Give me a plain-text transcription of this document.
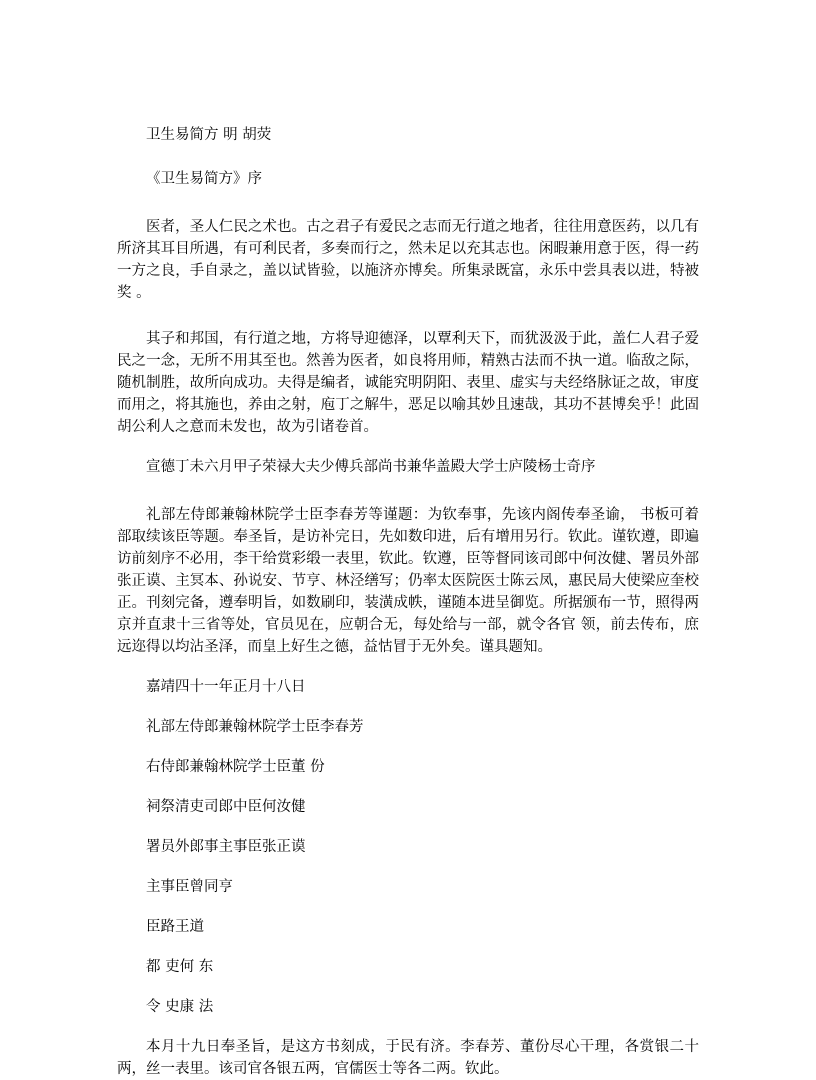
卫生易简方 明 胡荧

《卫生易简方》序

医者，圣人仁民之术也。古之君子有爱民之志而无行道之地者，往往用意医药，以几有所济其耳目所遇，有可利民者，多奏而行之，然未足以充其志也。闲暇兼用意于医，得一药一方之良，手自录之，盖以试皆验，以施济亦博矣。所集录既富，永乐中尝具表以进，特被奖 。

其子和邦国，有行道之地，方将导迎德泽，以覃利天下，而犹汲汲于此，盖仁人君子爱民之一念，无所不用其至也。然善为医者，如良将用师，精熟古法而不执一道。临敌之际，随机制胜，故所向成功。夫得是编者，诚能究明阴阳、表里、虚实与夫经络脉证之故，审度而用之，将其施也，养由之射，庖丁之解牛，恶足以喻其妙且速哉，其功不甚博矣乎！此固胡公利人之意而未发也，故为引诸卷首。

宣德丁未六月甲子荣禄大夫少傅兵部尚书兼华盖殿大学士庐陵杨士奇序

礼部左侍郎兼翰林院学士臣李春芳等谨题：为钦奉事，先该内阁传奉圣谕， 书板可着部取续该臣等题。奉圣旨，是访补完日，先如数印进，后有增用另行。钦此。谨钦遵，即遍访前刻序不必用，李干给赏彩缎一表里，钦此。钦遵，臣等督同该司郎中何汝健、署员外部张正谟、主冥本、孙说安、节亨、林泾缮写；仍率太医院医士陈云凤，惠民局大使梁应奎校正。刊刻完备，遵奉明旨，如数刷印，装潢成帙，谨随本进呈御览。所据颁布一节，照得两京并直隶十三省等处，官员见在，应朝合无，每处给与一部，就令各官 领，前去传布，庶远迩得以均沾圣泽，而皇上好生之德，益怙冒于无外矣。谨具题知。

嘉靖四十一年正月十八日

礼部左侍郎兼翰林院学士臣李春芳

右侍郎兼翰林院学士臣董 份

祠祭清吏司郎中臣何汝健

署员外郎事主事臣张正谟

主事臣曾同亨

臣路王道

都 吏何 东

令 史康 法

本月十九日奉圣旨，是这方书刻成，于民有济。李春芳、董份尽心干理，各赏银二十两，丝一表里。该司官各银五两，官儒医士等各二两。钦此。
